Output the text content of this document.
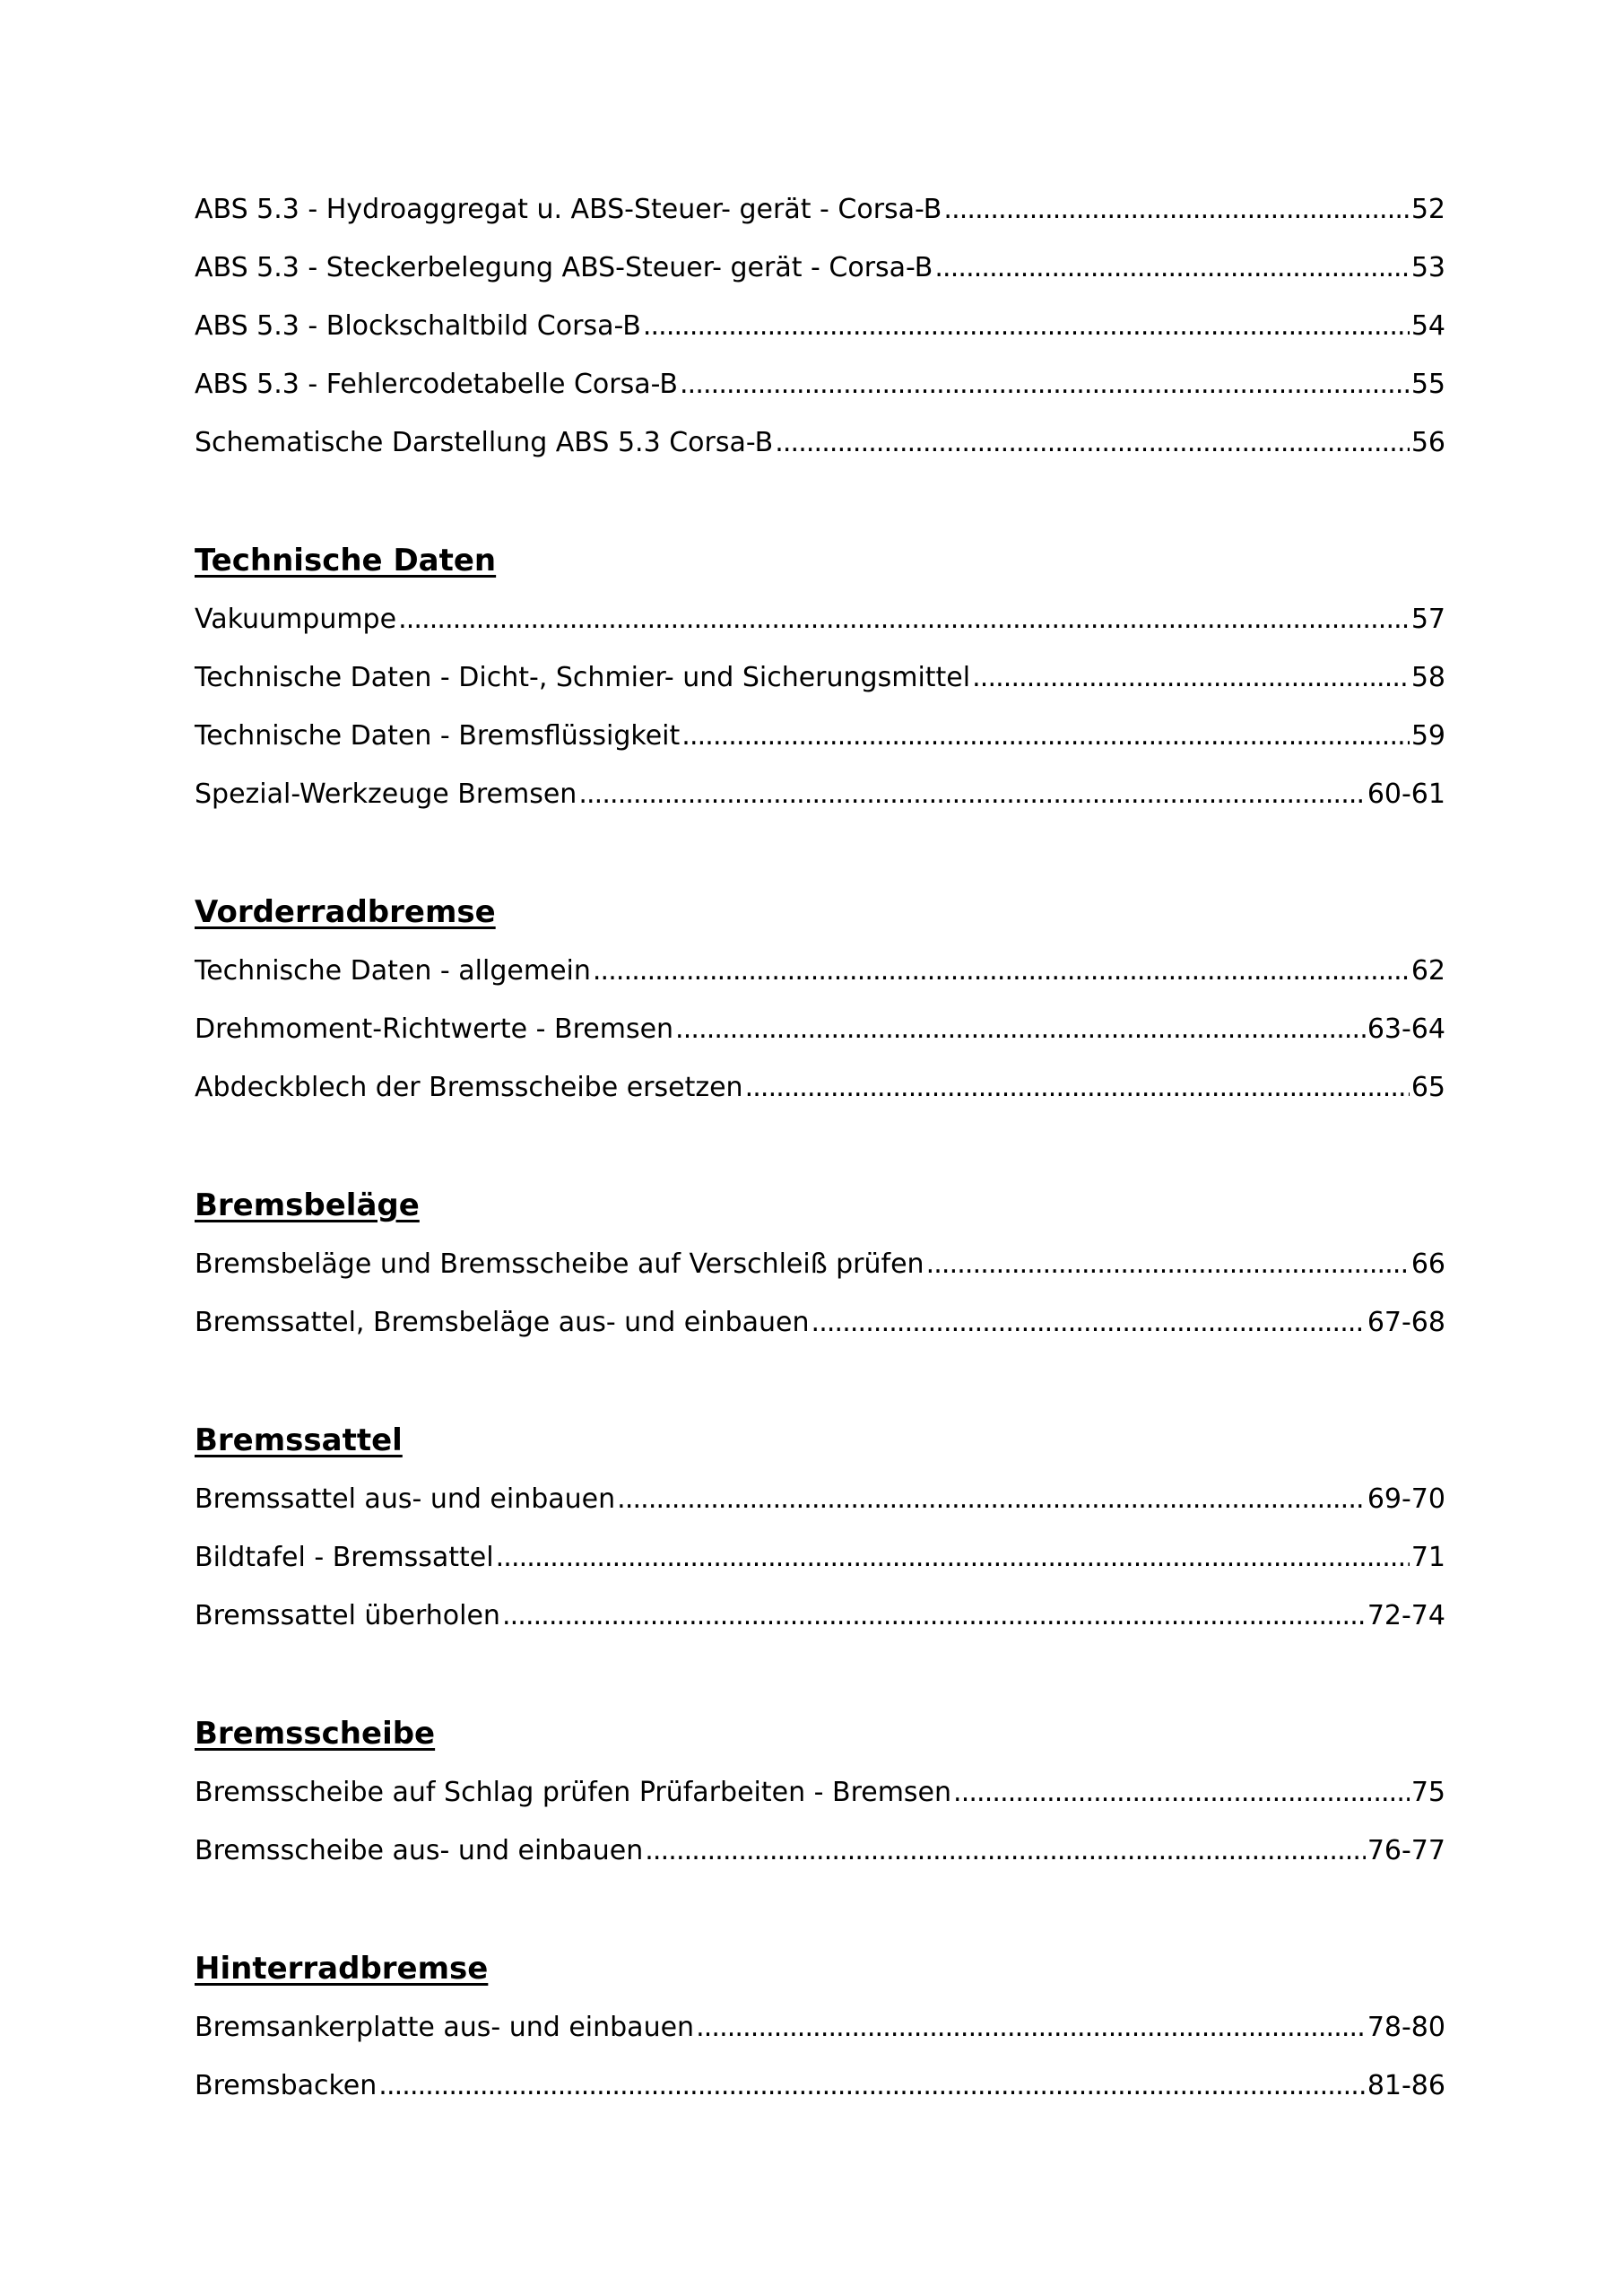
ABS 5.3 - Hydroaggregat u. ABS-Steuer- gerät - Corsa-B . . .	52
ABS 5.3 - Steckerbelegung ABS-Steuer- gerät - Corsa-B . . .	53
ABS 5.3 - Blockschaltbild Corsa-B . . .	54
ABS 5.3 - Fehlercodetabelle Corsa-B . . .	55
Schematische Darstellung ABS 5.3 Corsa-B . . .	56
Technische Daten
Vakuumpumpe . . .	57
Technische Daten - Dicht-, Schmier- und Sicherungsmittel . . .	58
Technische Daten - Bremsflüssigkeit . . .	59
Spezial-Werkzeuge Bremsen . . .	60-61
Vorderradbremse
Technische Daten - allgemein . . .	62
Drehmoment-Richtwerte - Bremsen . . .	63-64
Abdeckblech der Bremsscheibe ersetzen . . .	65
Bremsbeläge
Bremsbeläge und Bremsscheibe auf Verschleiß prüfen . . .	66
Bremssattel, Bremsbeläge aus- und einbauen . . .	67-68
Bremssattel
Bremssattel aus- und einbauen . . .	69-70
Bildtafel - Bremssattel . . .	71
Bremssattel überholen . . .	72-74
Bremsscheibe
Bremsscheibe auf Schlag prüfen Prüfarbeiten - Bremsen . . .	75
Bremsscheibe aus- und einbauen . . .	76-77
Hinterradbremse
Bremsankerplatte aus- und einbauen . . .	78-80
Bremsbacken . . .	81-86
